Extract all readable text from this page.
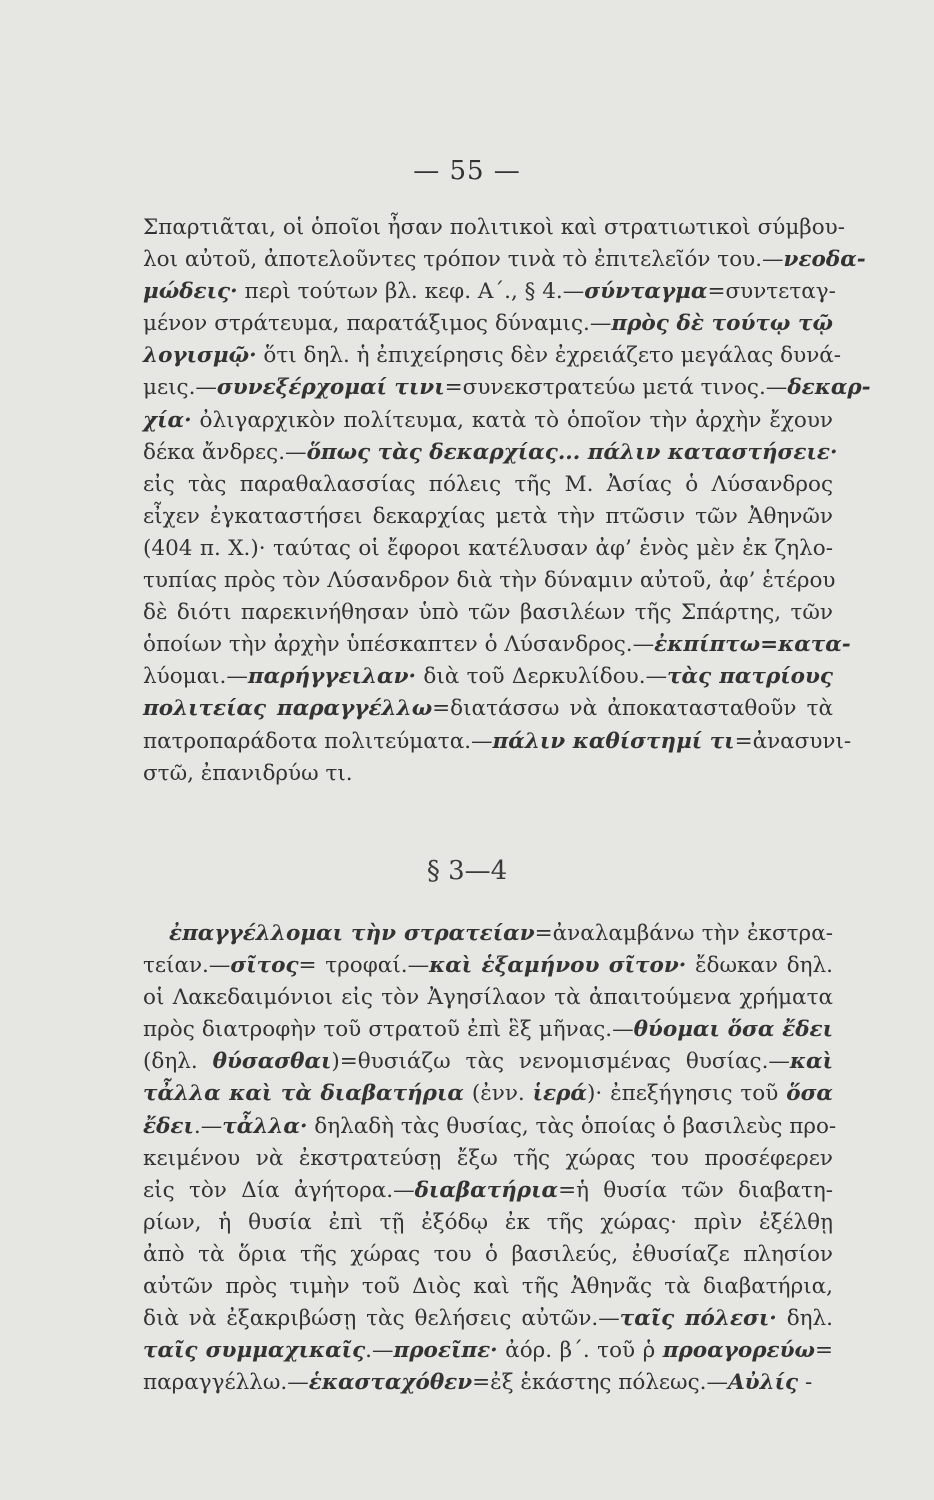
— 55 —
Σπαρτιᾶται, οἱ ὁποῖοι ἦσαν πολιτικοὶ καὶ στρατιωτικοὶ σύμβου-
λοι αὐτοῦ, ἀποτελοῦντες τρόπον τινὰ τὸ ἐπιτελεῖόν του.—νεοδα-
μώδεις· περὶ τούτων βλ. κεφ. Α΄., § 4.—σύνταγμα=συντεταγ-
μένον στράτευμα, παρατάξιμος δύναμις.—πρὸς δὲ τούτῳ τῷ
λογισμῷ· ὅτι δηλ. ἡ ἐπιχείρησις δὲν ἐχρειάζετο μεγάλας δυνά-
μεις.—συνεξέρχομαί τινι=συνεκστρατεύω μετά τινος.—δεκαρ-
χία· ὀλιγαρχικὸν πολίτευμα, κατὰ τὸ ὁποῖον τὴν ἀρχὴν ἔχουν
δέκα ἄνδρες.—ὅπως τὰς δεκαρχίας... πάλιν καταστήσειε·
εἰς τὰς παραθαλασσίας πόλεις τῆς Μ. Ἀσίας ὁ Λύσανδρος
εἶχεν ἐγκαταστήσει δεκαρχίας μετὰ τὴν πτῶσιν τῶν Ἀθηνῶν
(404 π. Χ.)· ταύτας οἱ ἔφοροι κατέλυσαν ἀφ’ ἑνὸς μὲν ἐκ ζηλο-
τυπίας πρὸς τὸν Λύσανδρον διὰ τὴν δύναμιν αὐτοῦ, ἀφ’ ἑτέρου
δὲ διότι παρεκινήθησαν ὑπὸ τῶν βασιλέων τῆς Σπάρτης, τῶν
ὁποίων τὴν ἀρχὴν ὑπέσκαπτεν ὁ Λύσανδρος.—ἐκπίπτω=κατα-
λύομαι.—παρήγγειλαν· διὰ τοῦ Δερκυλίδου.—τὰς πατρίους
πολιτείας παραγγέλλω=διατάσσω νὰ ἀποκατασταθοῦν τὰ
πατροπαράδοτα πολιτεύματα.—πάλιν καθίστημί τι=ἀνασυνι-
στῶ, ἐπανιδρύω τι.
§ 3—4
ἐπαγγέλλομαι τὴν στρατείαν=ἀναλαμβάνω τὴν ἐκστρα-
τείαν.—σῖτος= τροφαί.—καὶ ἑξαμήνου σῖτον· ἔδωκαν δηλ.
οἱ Λακεδαιμόνιοι εἰς τὸν Ἀγησίλαον τὰ ἀπαιτούμενα χρήματα
πρὸς διατροφὴν τοῦ στρατοῦ ἐπὶ ἓξ μῆνας.—θύομαι ὅσα ἔδει
(δηλ. θύσασθαι)=θυσιάζω τὰς νενομισμένας θυσίας.—καὶ
τἆλλα καὶ τὰ διαβατήρια (ἐνν. ἱερά)· ἐπεξήγησις τοῦ ὅσα
ἔδει.—τἆλλα· δηλαδὴ τὰς θυσίας, τὰς ὁποίας ὁ βασιλεὺς προ-
κειμένου νὰ ἐκστρατεύσῃ ἔξω τῆς χώρας του προσέφερεν
εἰς τὸν Δία ἀγήτορα.—διαβατήρια=ἡ θυσία τῶν διαβατη-
ρίων, ἡ θυσία ἐπὶ τῇ ἐξόδῳ ἐκ τῆς χώρας· πρὶν ἐξέλθῃ
ἀπὸ τὰ ὅρια τῆς χώρας του ὁ βασιλεύς, ἐθυσίαζε πλησίον
αὐτῶν πρὸς τιμὴν τοῦ Διὸς καὶ τῆς Ἀθηνᾶς τὰ διαβατήρια,
διὰ νὰ ἐξακριβώσῃ τὰς θελήσεις αὐτῶν.—ταῖς πόλεσι· δηλ.
ταῖς συμμαχικαῖς.—προεῖπε· ἀόρ. β΄. τοῦ ῥ προαγορεύω=
παραγγέλλω.—ἑκασταχόθεν=ἐξ ἑκάστης πόλεως.—Αὐλίς -
